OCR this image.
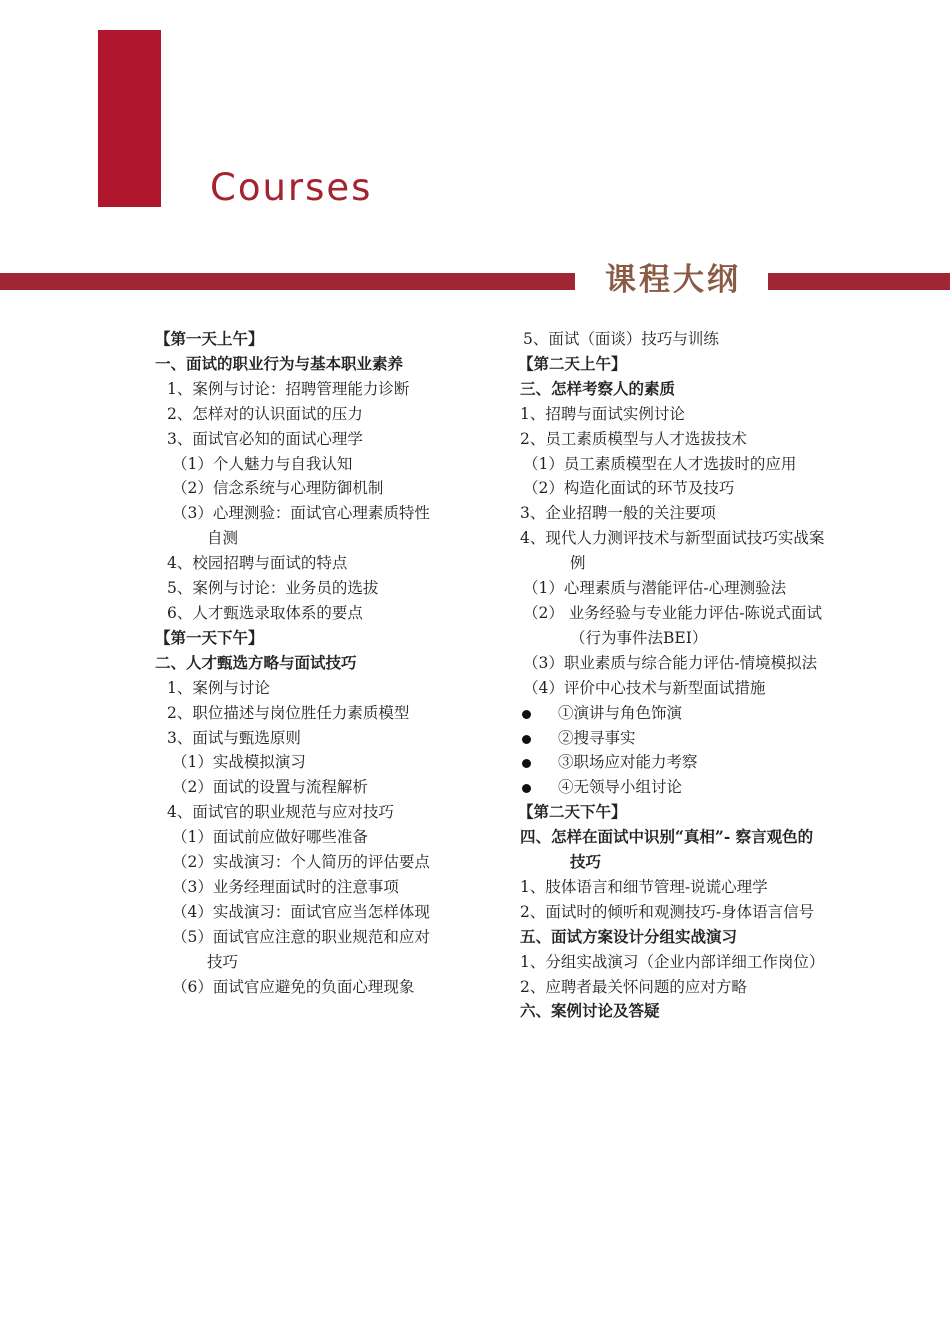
Courses
课程大纲
【第一天上午】
一、面试的职业行为与基本职业素养
1、案例与讨论：招聘管理能力诊断
2、怎样对的认识面试的压力
3、面试官必知的面试心理学
（1）个人魅力与自我认知
（2）信念系统与心理防御机制
（3）心理测验：面试官心理素质特性
自测
4、校园招聘与面试的特点
5、案例与讨论：业务员的选拔
6、人才甄选录取体系的要点
【第一天下午】
二、人才甄选方略与面试技巧
1、案例与讨论
2、职位描述与岗位胜任力素质模型
3、面试与甄选原则
（1）实战模拟演习
（2）面试的设置与流程解析
4、面试官的职业规范与应对技巧
（1）面试前应做好哪些准备
（2）实战演习：个人简历的评估要点
（3）业务经理面试时的注意事项
（4）实战演习：面试官应当怎样体现
（5）面试官应注意的职业规范和应对
技巧
（6）面试官应避免的负面心理现象
5、面试（面谈）技巧与训练
【第二天上午】
三、怎样考察人的素质
1、招聘与面试实例讨论
2、员工素质模型与人才选拔技术
（1）员工素质模型在人才选拔时的应用
（2）构造化面试的环节及技巧
3、企业招聘一般的关注要项
4、现代人力测评技术与新型面试技巧实战案
例
（1）心理素质与潜能评估-心理测验法
（2） 业务经验与专业能力评估-陈说式面试
（行为事件法BEI）
（3）职业素质与综合能力评估-情境模拟法
（4）评价中心技术与新型面试措施
①演讲与角色饰演
②搜寻事实
③职场应对能力考察
④无领导小组讨论
【第二天下午】
四、怎样在面试中识别“真相”- 察言观色的
技巧
1、肢体语言和细节管理-说谎心理学
2、面试时的倾听和观测技巧-身体语言信号
五、面试方案设计分组实战演习
1、分组实战演习（企业内部详细工作岗位）
2、应聘者最关怀问题的应对方略
六、案例讨论及答疑
